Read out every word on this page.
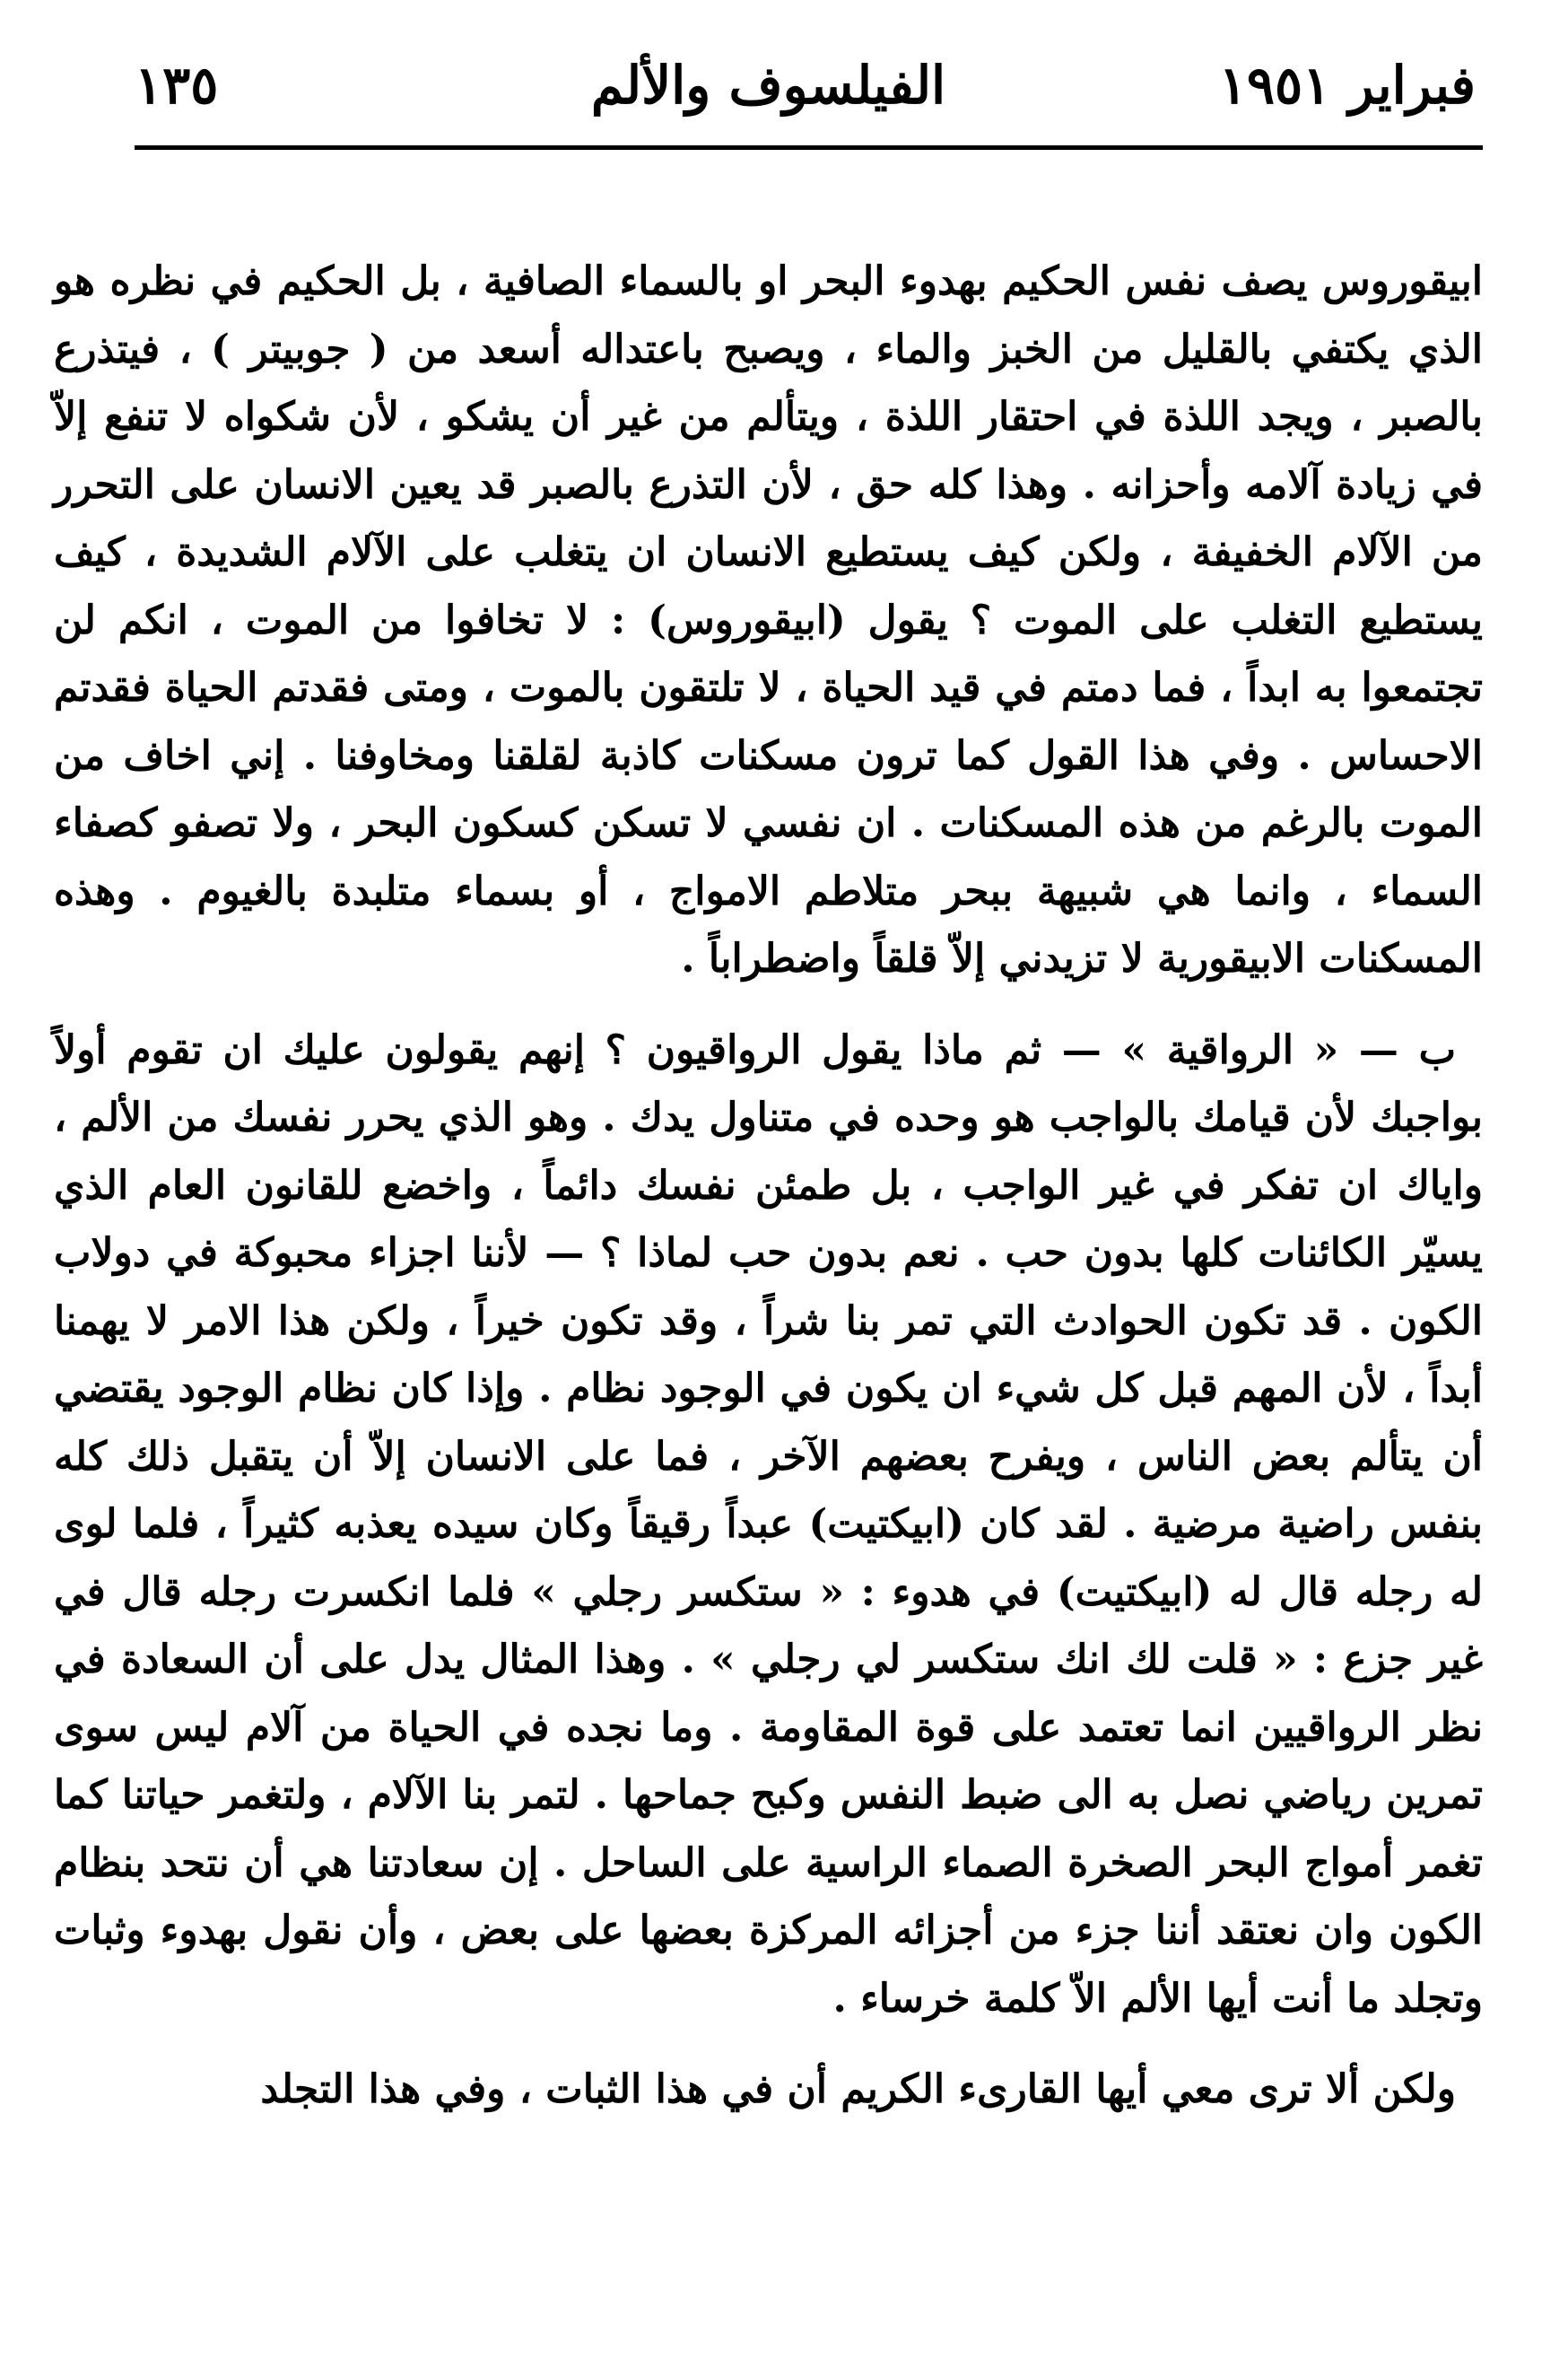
فبراير ١٩٥١
الفيلسوف والألم
١٣٥

ابيقوروس يصف نفس الحكيم بهدوء البحر او بالسماء الصافية ، بل الحكيم في نظره هو الذي يكتفي بالقليل من الخبز والماء ، ويصبح باعتداله أسعد من ( جوبيتر ) ، فيتذرع بالصبر ، ويجد اللذة في احتقار اللذة ، ويتألم من غير أن يشكو ، لأن شكواه لا تنفع إلاّ في زيادة آلامه وأحزانه . وهذا كله حق ، لأن التذرع بالصبر قد يعين الانسان على التحرر من الآلام الخفيفة ، ولكن كيف يستطيع الانسان ان يتغلب على الآلام الشديدة ، كيف يستطيع التغلب على الموت ؟ يقول (ابيقوروس) : لا تخافوا من الموت ، انكم لن تجتمعوا به ابداً ، فما دمتم في قيد الحياة ، لا تلتقون بالموت ، ومتى فقدتم الحياة فقدتم الاحساس . وفي هذا القول كما ترون مسكنات كاذبة لقلقنا ومخاوفنا . إني اخاف من الموت بالرغم من هذه المسكنات . ان نفسي لا تسكن كسكون البحر ، ولا تصفو كصفاء السماء ، وانما هي شبيهة ببحر متلاطم الامواج ، أو بسماء متلبدة بالغيوم . وهذه المسكنات الابيقورية لا تزيدني إلاّ قلقاً واضطراباً .

ب — « الرواقية » — ثم ماذا يقول الرواقيون ؟ إنهم يقولون عليك ان تقوم أولاً بواجبك لأن قيامك بالواجب هو وحده في متناول يدك . وهو الذي يحرر نفسك من الألم ، واياك ان تفكر في غير الواجب ، بل طمئن نفسك دائماً ، واخضع للقانون العام الذي يسيّر الكائنات كلها بدون حب . نعم بدون حب لماذا ؟ — لأننا اجزاء محبوكة في دولاب الكون . قد تكون الحوادث التي تمر بنا شراً ، وقد تكون خيراً ، ولكن هذا الامر لا يهمنا أبداً ، لأن المهم قبل كل شيء ان يكون في الوجود نظام . وإذا كان نظام الوجود يقتضي أن يتألم بعض الناس ، ويفرح بعضهم الآخر ، فما على الانسان إلاّ أن يتقبل ذلك كله بنفس راضية مرضية . لقد كان (ابيكتيت) عبداً رقيقاً وكان سيده يعذبه كثيراً ، فلما لوى له رجله قال له (ابيكتيت) في هدوء : « ستكسر رجلي » فلما انكسرت رجله قال في غير جزع : « قلت لك انك ستكسر لي رجلي » . وهذا المثال يدل على أن السعادة في نظر الرواقيين انما تعتمد على قوة المقاومة . وما نجده في الحياة من آلام ليس سوى تمرين رياضي نصل به الى ضبط النفس وكبح جماحها . لتمر بنا الآلام ، ولتغمر حياتنا كما تغمر أمواج البحر الصخرة الصماء الراسية على الساحل . إن سعادتنا هي أن نتحد بنظام الكون وان نعتقد أننا جزء من أجزائه المركزة بعضها على بعض ، وأن نقول بهدوء وثبات وتجلد ما أنت أيها الألم الاّ كلمة خرساء .

ولكن ألا ترى معي أيها القارىء الكريم أن في هذا الثبات ، وفي هذا التجلد
